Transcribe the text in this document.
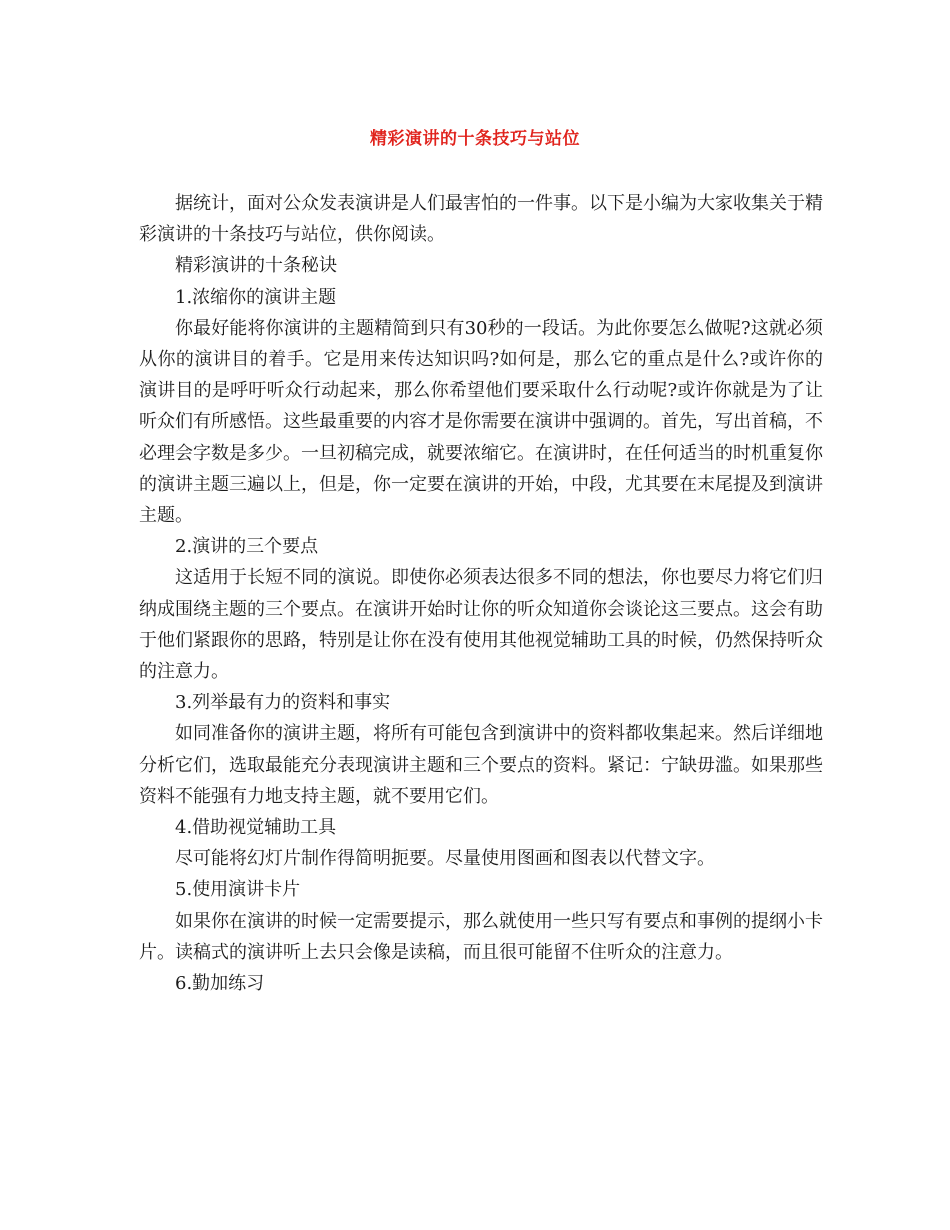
精彩演讲的十条技巧与站位

据统计，面对公众发表演讲是人们最害怕的一件事。以下是小编为大家收集关于精彩演讲的十条技巧与站位，供你阅读。

精彩演讲的十条秘诀

1.浓缩你的演讲主题

你最好能将你演讲的主题精简到只有30秒的一段话。为此你要怎么做呢?这就必须从你的演讲目的着手。它是用来传达知识吗?如何是，那么它的重点是什么?或许你的演讲目的是呼吁听众行动起来，那么你希望他们要采取什么行动呢?或许你就是为了让听众们有所感悟。这些最重要的内容才是你需要在演讲中强调的。首先，写出首稿，不必理会字数是多少。一旦初稿完成，就要浓缩它。在演讲时，在任何适当的时机重复你的演讲主题三遍以上，但是，你一定要在演讲的开始，中段，尤其要在末尾提及到演讲主题。

2.演讲的三个要点

这适用于长短不同的演说。即使你必须表达很多不同的想法，你也要尽力将它们归纳成围绕主题的三个要点。在演讲开始时让你的听众知道你会谈论这三要点。这会有助于他们紧跟你的思路，特别是让你在没有使用其他视觉辅助工具的时候，仍然保持听众的注意力。

3.列举最有力的资料和事实

如同准备你的演讲主题，将所有可能包含到演讲中的资料都收集起来。然后详细地分析它们，选取最能充分表现演讲主题和三个要点的资料。紧记：宁缺毋滥。如果那些资料不能强有力地支持主题，就不要用它们。

4.借助视觉辅助工具

尽可能将幻灯片制作得简明扼要。尽量使用图画和图表以代替文字。

5.使用演讲卡片

如果你在演讲的时候一定需要提示，那么就使用一些只写有要点和事例的提纲小卡片。读稿式的演讲听上去只会像是读稿，而且很可能留不住听众的注意力。

6.勤加练习
